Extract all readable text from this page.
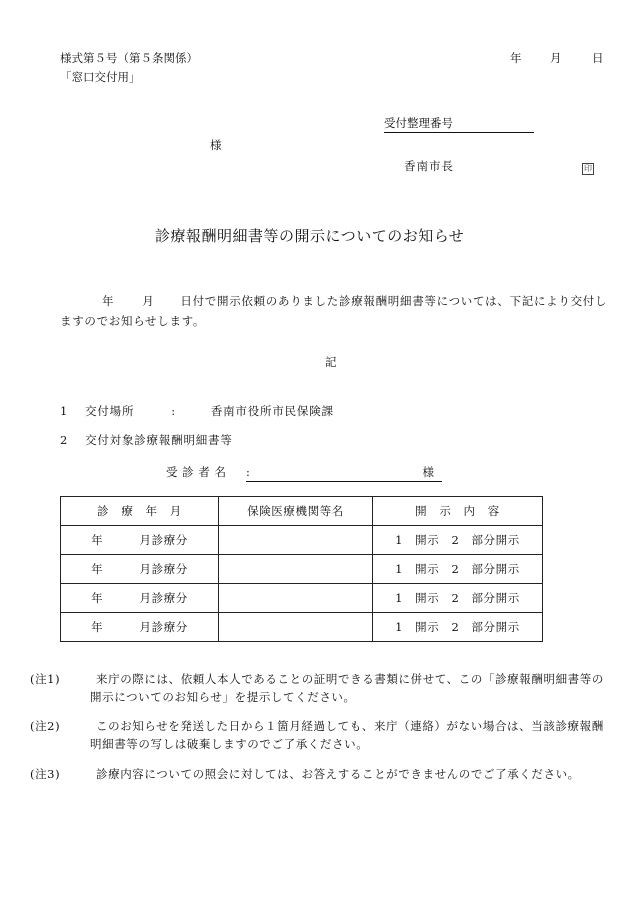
様式第５号（第５条関係）
「窓口交付用」
年 月	日
受付整理番号
様
香南市長	印
診療報酬明細書等の開示についてのお知らせ
年 月 日付で開示依頼のありました診療報酬明細書等については、下記により交付しますのでお知らせします。
記
1 交付場所	:	香南市役所市民保険課
2 交付対象診療報酬明細書等
受 診 者 名 :	様
診　療　年　月	保険医療機関等名	開　示　内　容
年　　　月診療分		1　開示　2　部分開示
年　　　月診療分		1　開示　2　部分開示
年　　　月診療分		1　開示　2　部分開示
年　　　月診療分		1　開示　2　部分開示
(注1)	来庁の際には、依頼人本人であることの証明できる書類に併せて、この「診療報酬明細書等の開示についてのお知らせ」を提示してください。
(注2)	このお知らせを発送した日から１箇月経過しても、来庁（連絡）がない場合は、当該診療報酬明細書等の写しは破棄しますのでご了承ください。
(注3)	診療内容についての照会に対しては、お答えすることができませんのでご了承ください。
